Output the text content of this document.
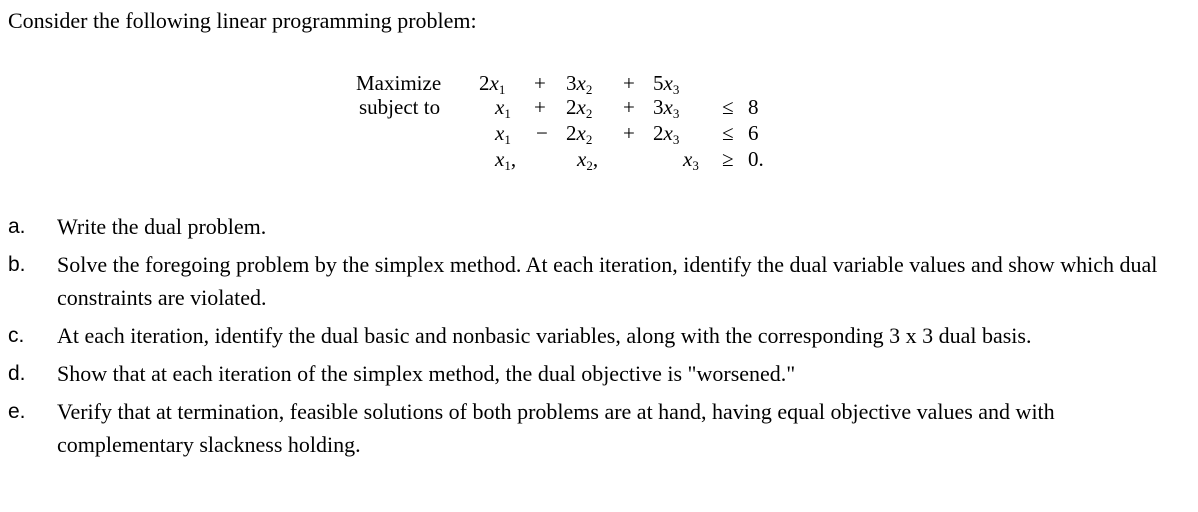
Consider the following linear programming problem:

Maximize $2x_1 + 3x_2 + 5x_3$
subject to	$x_1 + 2x_2 + 3x_3 \le 8$
$x_1 - 2x_2 + 2x_3 \le 6$
$x_1$,	$x_2$,	$x_3 \ge 0$.
a. Write the dual problem.
b. Solve the foregoing problem by the simplex method. At each iteration, identify the dual variable values and show which dual constraints are violated.
c. At each iteration, identify the dual basic and nonbasic variables, along with the corresponding 3 x 3 dual basis.
d. Show that at each iteration of the simplex method, the dual objective is "worsened."
e. Verify that at termination, feasible solutions of both problems are at hand, having equal objective values and with complementary slackness holding.
